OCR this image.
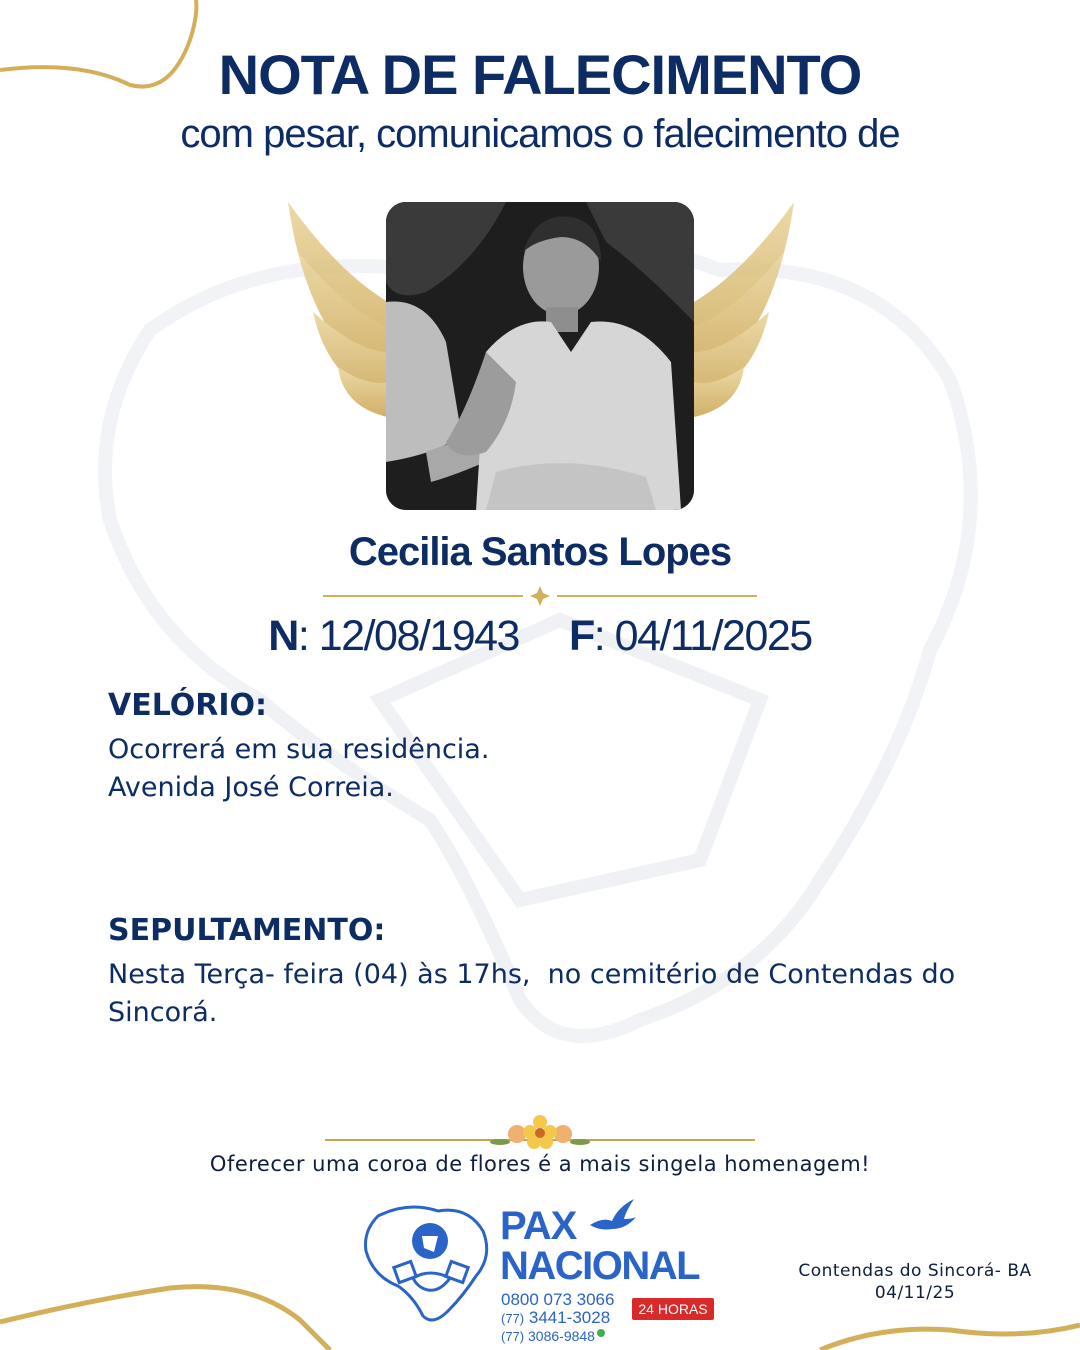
NOTA DE FALECIMENTO
com pesar, comunicamos o falecimento de
Cecilia Santos Lopes
N: 12/08/1943 F: 04/11/2025
VELÓRIO:
Ocorrerá em sua residência.
Avenida José Correia.
SEPULTAMENTO:
Nesta Terça- feira (04) às 17hs,  no cemitério de Contendas do
Sincorá.
Oferecer uma coroa de flores é a mais singela homenagem!
PAX
NACIONAL
0800 073 3066
(77) 3441-3028
(77) 3086-9848
24 HORAS
Contendas do Sincorá- BA
04/11/25
